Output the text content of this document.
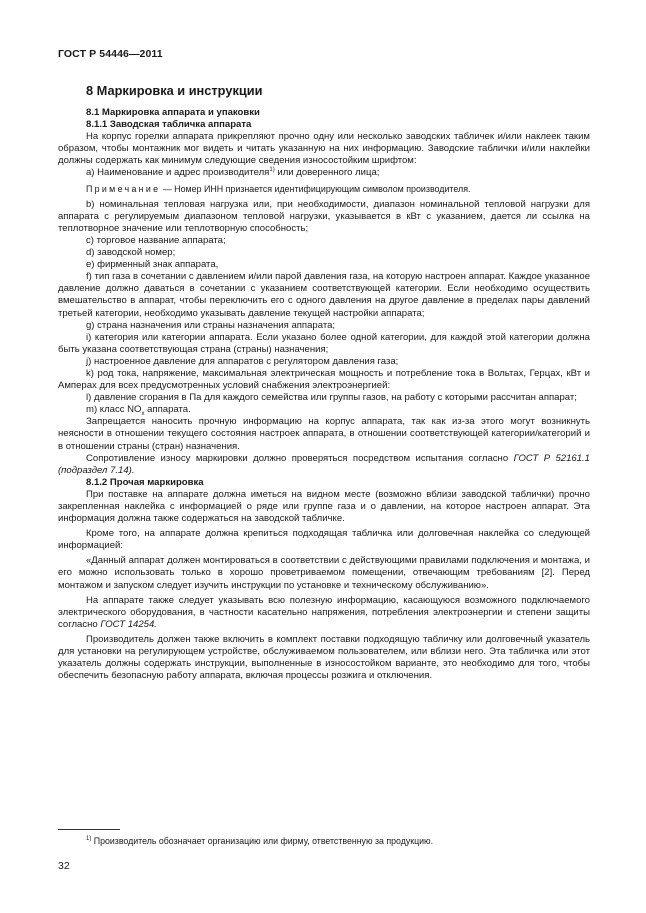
ГОСТ Р 54446—2011
8 Маркировка и инструкции

8.1 Маркировка аппарата и упаковки

8.1.1 Заводская табличка аппарата

На корпус горелки аппарата прикрепляют прочно одну или несколько заводских табличек и/или наклеек таким образом, чтобы монтажник мог видеть и читать указанную на них информацию. Заводские таблички и/или наклейки должны содержать как минимум следующие сведения износостойким шрифтом:

а) Наименование и адрес производителя$^{1)}$ или доверенного лица;

Примечание — Номер ИНН признается идентифицирующим символом производителя.

b) номинальная тепловая нагрузка или, при необходимости, диапазон номинальной тепловой нагрузки для аппарата с регулируемым диапазоном тепловой нагрузки, указывается в кВт с указанием, дается ли ссылка на теплотворное значение или теплотворную способность;

с) торговое название аппарата;

d) заводской номер;

е) фирменный знак аппарата,

f) тип газа в сочетании с давлением и/или парой давления газа, на которую настроен аппарат. Каждое указанное давление должно даваться в сочетании с указанием соответствующей категории. Если необходимо осуществить вмешательство в аппарат, чтобы переключить его с одного давления на другое давление в пределах пары давлений третьей категории, необходимо указывать давление текущей настройки аппарата;

g) страна назначения или страны назначения аппарата;

i) категория или категории аппарата. Если указано более одной категории, для каждой этой категории должна быть указана соответствующая страна (страны) назначения;

j) настроенное давление для аппаратов с регулятором давления газа;

k) род тока, напряжение, максимальная электрическая мощность и потребление тока в Вольтах, Герцах, кВт и Амперах для всех предусмотренных условий снабжения электроэнергией:

l) давление сгорания в Па для каждого семейства или группы газов, на работу с которыми рассчитан аппарат;

m) класс $NO_x$ аппарата.

Запрещается наносить прочную информацию на корпус аппарата, так как из-за этого могут возникнуть неясности в отношении текущего состояния настроек аппарата, в отношении соответствующей категории/категорий и в отношении страны (стран) назначения.

Сопротивление износу маркировки должно проверяться посредством испытания согласно ГОСТ Р 52161.1 (подраздел 7.14).

8.1.2 Прочая маркировка

При поставке на аппарате должна иметься на видном месте (возможно вблизи заводской таблички) прочно закрепленная наклейка с информацией о ряде или группе газа и о давлении, на которое настроен аппарат. Эта информация должна также содержаться на заводской табличке.

Кроме того, на аппарате должна крепиться подходящая табличка или долговечная наклейка со следующей информацией:

«Данный аппарат должен монтироваться в соответствии с действующими правилами подключения и монтажа, и его можно использовать только в хорошо проветриваемом помещении, отвечающим требованиям [2]. Перед монтажом и запуском следует изучить инструкции по установке и техническому обслуживанию».

На аппарате также следует указывать всю полезную информацию, касающуюся возможного подключаемого электрического оборудования, в частности касательно напряжения, потребления электроэнергии и степени защиты согласно ГОСТ 14254.

Производитель должен также включить в комплект поставки подходящую табличку или долговечный указатель для установки на регулирующем устройстве, обслуживаемом пользователем, или вблизи него. Эта табличка или этот указатель должны содержать инструкции, выполненные в износостойком варианте, это необходимо для того, чтобы обеспечить безопасную работу аппарата, включая процессы розжига и отключения.

$^{1)}$ Производитель обозначает организацию или фирму, ответственную за продукцию.
32
